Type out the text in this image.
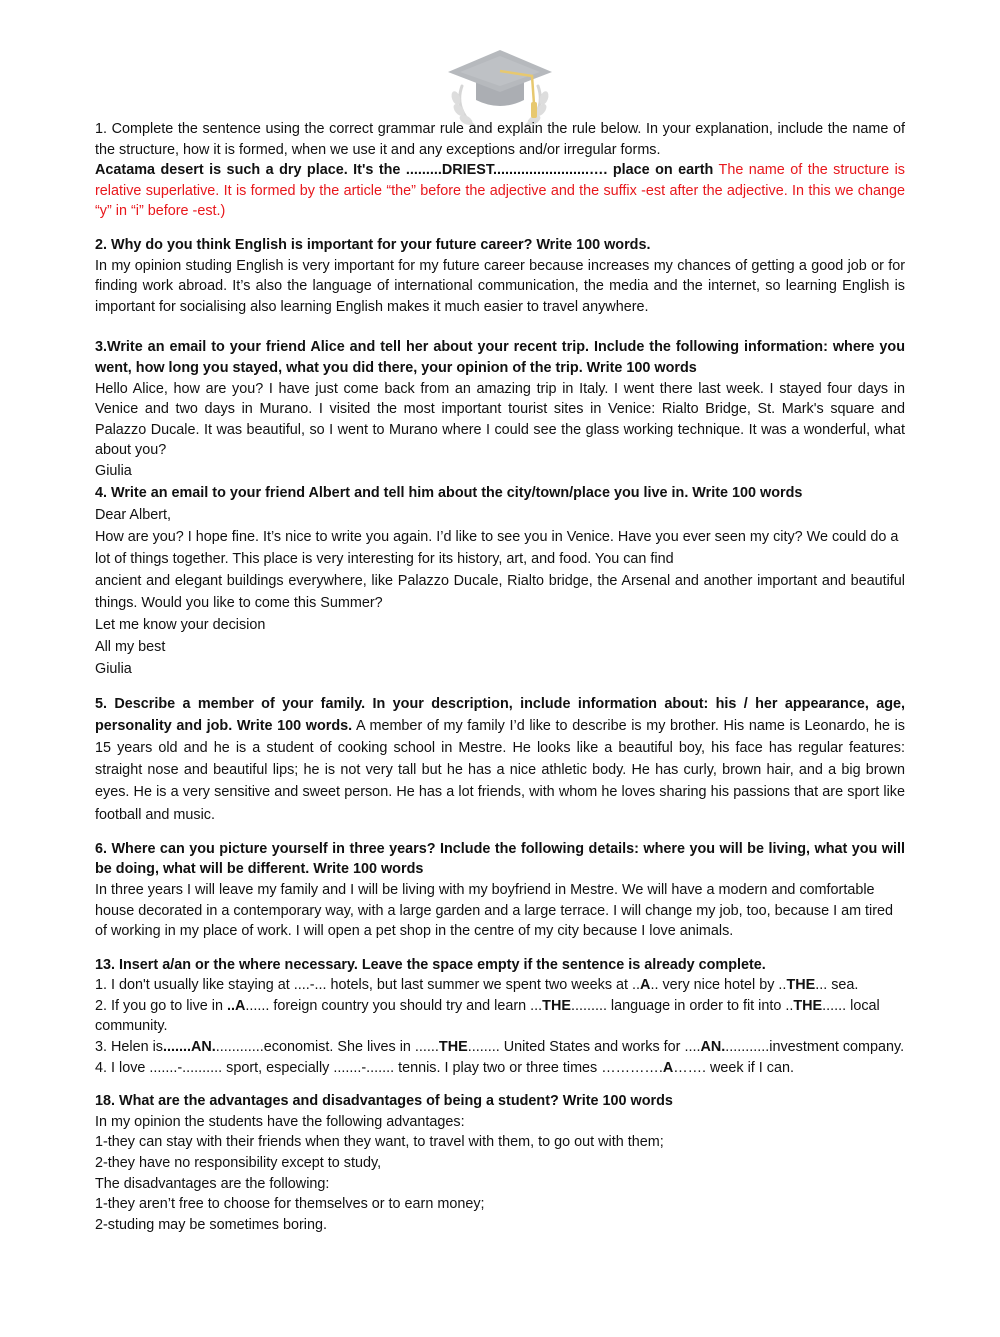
1. Complete the sentence using the correct grammar rule and explain the rule below. In your explanation, include the name of the structure, how it is formed, when we use it and any exceptions and/or irregular forms.
Acatama desert is such a dry place. It's the .........DRIEST........................…. place on earth The name of the structure is relative superlative. It is formed by the article “the” before the adjective and the suffix -est after the adjective. In this we change “y” in “i” before -est.)
2. Why do you think English is important for your future career? Write 100 words.
In my opinion studing English is very important for my future career because increases my chances of getting a good job or for finding work abroad. It’s also the language of international communication, the media and the internet, so learning English is important for socialising also learning English makes it much easier to travel anywhere.
3.Write an email to your friend Alice and tell her about your recent trip. Include the following information: where you went, how long you stayed, what you did there, your opinion of the trip. Write 100 words
Hello Alice, how are you? I have just come back from an amazing trip in Italy. I went there last week. I stayed four days in Venice and two days in Murano. I visited the most important tourist sites in Venice: Rialto Bridge, St. Mark's square and Palazzo Ducale. It was beautiful, so I went to Murano where I could see the glass working technique. It was a wonderful, what about you?
Giulia
4. Write an email to your friend Albert and tell him about the city/town/place you live in. Write 100 words
Dear Albert,
How are you? I hope fine. It’s nice to write you again. I’d like to see you in Venice. Have you ever seen my city? We could do a lot of things together. This place is very interesting for its history, art, and food. You can find
ancient and elegant buildings everywhere, like Palazzo Ducale, Rialto bridge, the Arsenal and another important and beautiful things. Would you like to come this Summer?
Let me know your decision
All my best
Giulia
5. Describe a member of your family. In your description, include information about: his / her appearance, age, personality and job. Write 100 words. A member of my family I’d like to describe is my brother. His name is Leonardo, he is 15 years old and he is a student of cooking school in Mestre. He looks like a beautiful boy, his face has regular features: straight nose and beautiful lips; he is not very tall but he has a nice athletic body. He has curly, brown hair, and a big brown eyes. He is a very sensitive and sweet person. He has a lot friends, with whom he loves sharing his passions that are sport like football and music.
6. Where can you picture yourself in three years? Include the following details: where you will be living, what you will be doing, what will be different. Write 100 words
In three years I will leave my family and I will be living with my boyfriend in Mestre. We will have a modern and comfortable house decorated in a contemporary way, with a large garden and a large terrace. I will change my job, too, because I am tired of working in my place of work. I will open a pet shop in the centre of my city because I love animals.
13. Insert a/an or the where necessary. Leave the space empty if the sentence is already complete.
1. I don't usually like staying at ....-... hotels, but last summer we spent two weeks at ..A.. very nice hotel by ..THE... sea.
2. If you go to live in ..A...... foreign country you should try and learn ...THE......... language in order to fit into ..THE...... local community.
3. Helen is.......AN.............economist. She lives in ......THE........ United States and works for ....AN............investment company.
4. I love .......-.......... sport, especially .......-....... tennis. I play two or three times ………….A……. week if I can.
18. What are the advantages and disadvantages of being a student? Write 100 words
In my opinion the students have the following advantages:
1-they can stay with their friends when they want, to travel with them, to go out with them;
2-they have no responsibility except to study,
The disadvantages are the following:
1-they aren’t free to choose for themselves or to earn money;
2-studing may be sometimes boring.
